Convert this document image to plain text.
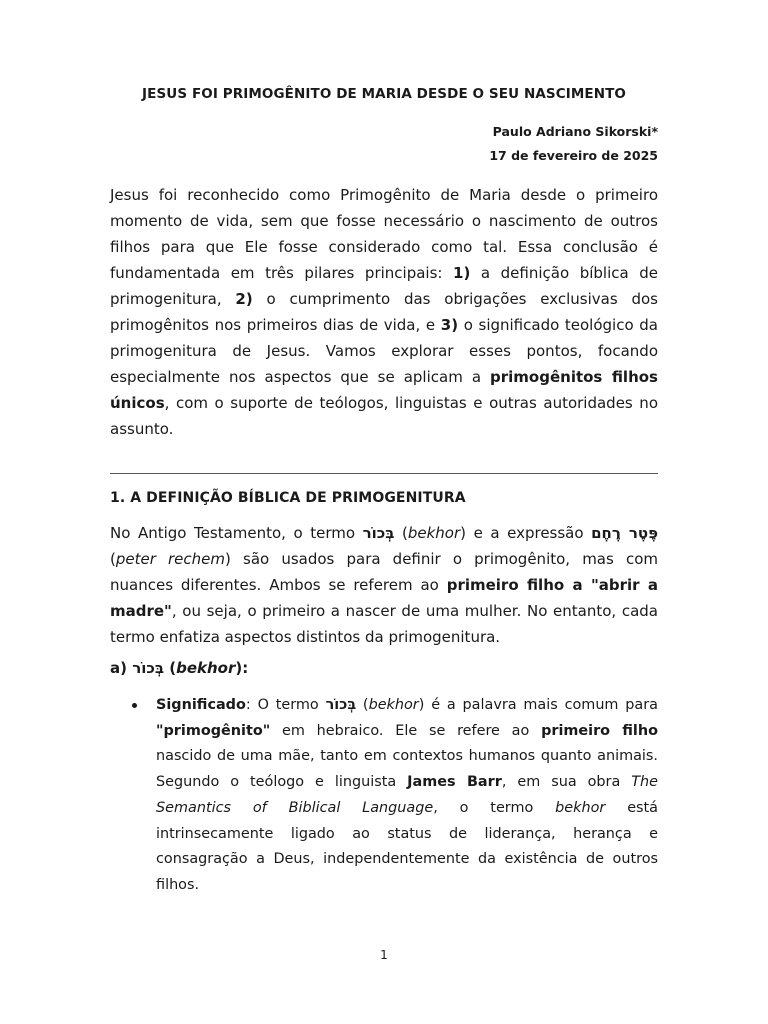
JESUS FOI PRIMOGÊNITO DE MARIA DESDE O SEU NASCIMENTO
Paulo Adriano Sikorski*
17 de fevereiro de 2025

Jesus foi reconhecido como Primogênito de Maria desde o primeiro momento de vida, sem que fosse necessário o nascimento de outros filhos para que Ele fosse considerado como tal. Essa conclusão é fundamentada em três pilares principais: 1) a definição bíblica de primogenitura, 2) o cumprimento das obrigações exclusivas dos primogênitos nos primeiros dias de vida, e 3) o significado teológico da primogenitura de Jesus. Vamos explorar esses pontos, focando especialmente nos aspectos que se aplicam a primogênitos filhos únicos, com o suporte de teólogos, linguistas e outras autoridades no assunto.

1. A DEFINIÇÃO BÍBLICA DE PRIMOGENITURA

No Antigo Testamento, o termo בְּכוֹר (bekhor) e a expressão פֶּטֶר רֶחֶם (peter rechem) são usados para definir o primogênito, mas com nuances diferentes. Ambos se referem ao primeiro filho a "abrir a madre", ou seja, o primeiro a nascer de uma mulher. No entanto, cada termo enfatiza aspectos distintos da primogenitura.

a) בְּכוֹר (bekhor):
Significado: O termo בְּכוֹר (bekhor) é a palavra mais comum para "primogênito" em hebraico. Ele se refere ao primeiro filho nascido de uma mãe, tanto em contextos humanos quanto animais. Segundo o teólogo e linguista James Barr, em sua obra The Semantics of Biblical Language, o termo bekhor está intrinsecamente ligado ao status de liderança, herança e consagração a Deus, independentemente da existência de outros filhos.
1
